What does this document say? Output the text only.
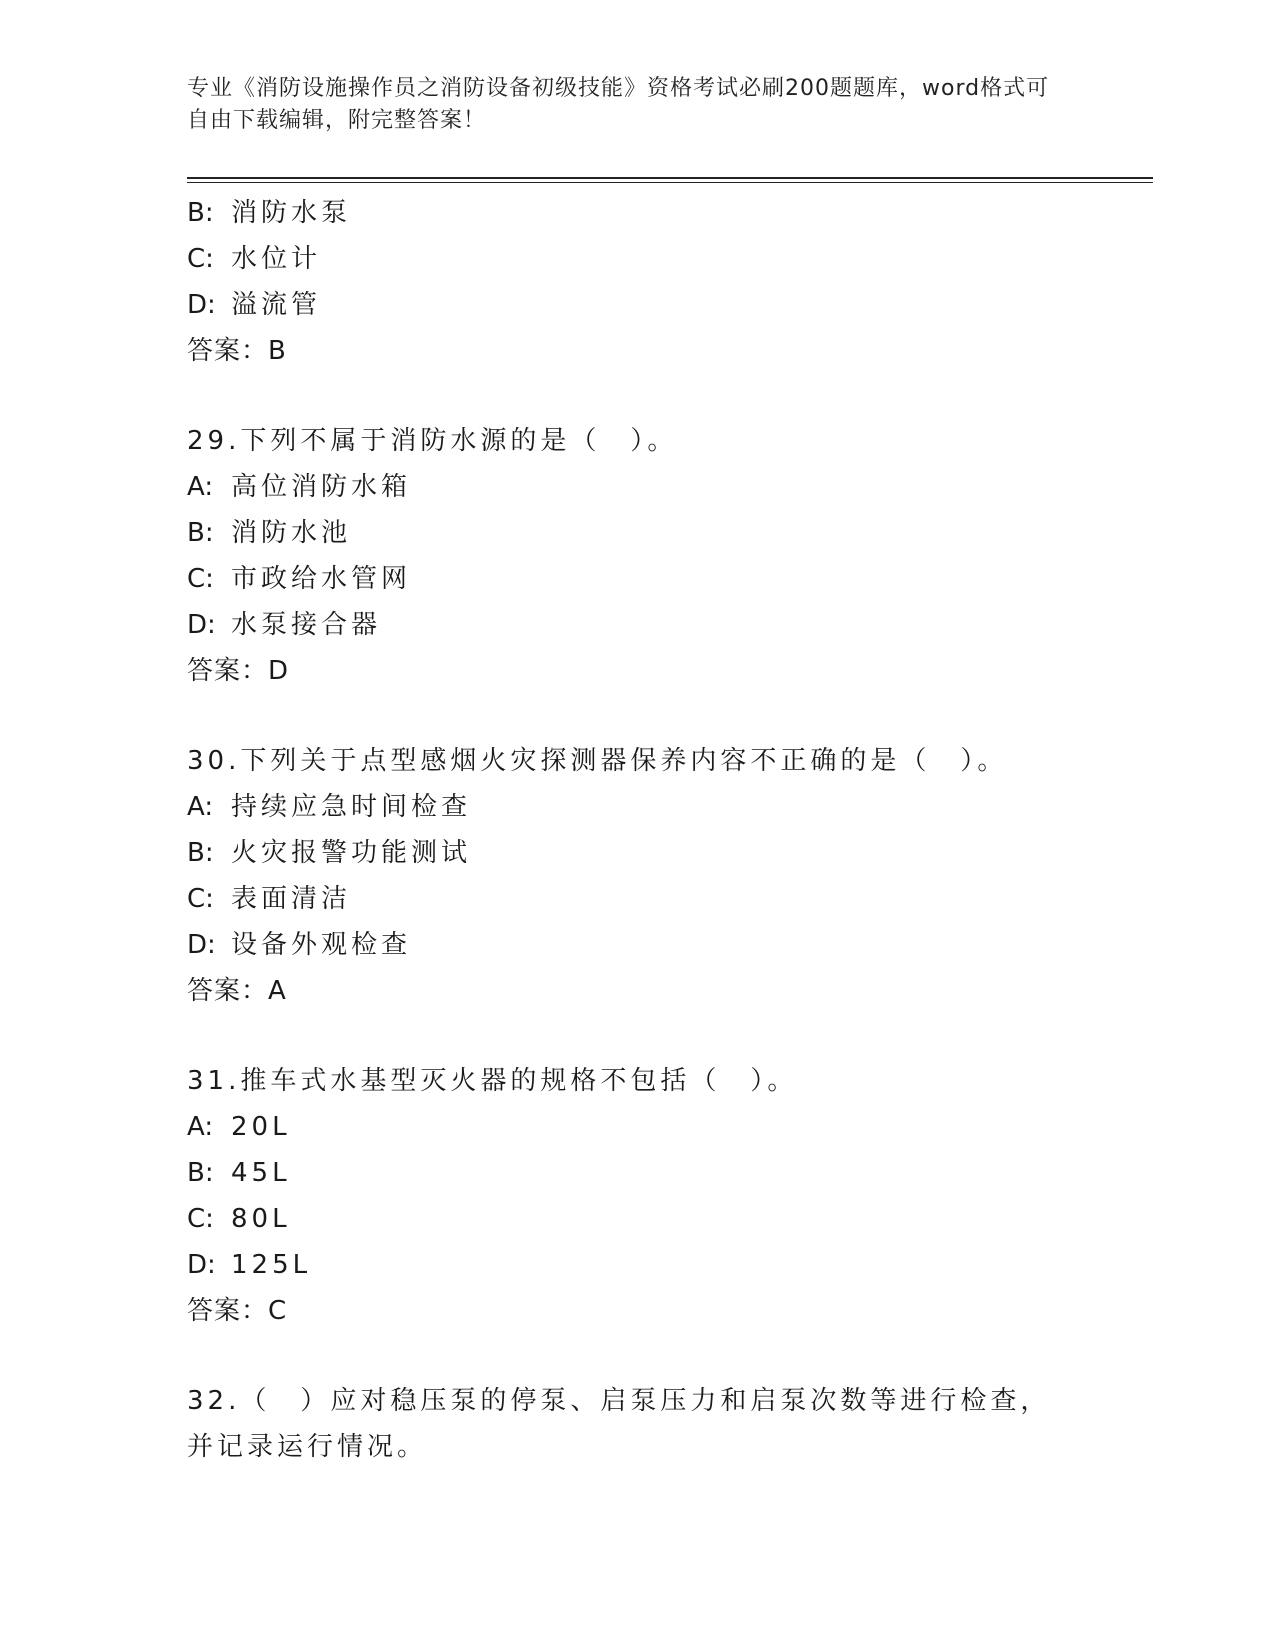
专业《消防设施操作员之消防设备初级技能》资格考试必刷200题题库，word格式可自由下载编辑，附完整答案！
B: 消防水泵
C: 水位计
D: 溢流管
答案：B
29.下列不属于消防水源的是（　）。
A: 高位消防水箱
B: 消防水池
C: 市政给水管网
D: 水泵接合器
答案：D
30.下列关于点型感烟火灾探测器保养内容不正确的是（　）。
A: 持续应急时间检查
B: 火灾报警功能测试
C: 表面清洁
D: 设备外观检查
答案：A
31.推车式水基型灭火器的规格不包括（　）。
A: 20L
B: 45L
C: 80L
D: 125L
答案：C
32.（　）应对稳压泵的停泵、启泵压力和启泵次数等进行检查，并记录运行情况。
